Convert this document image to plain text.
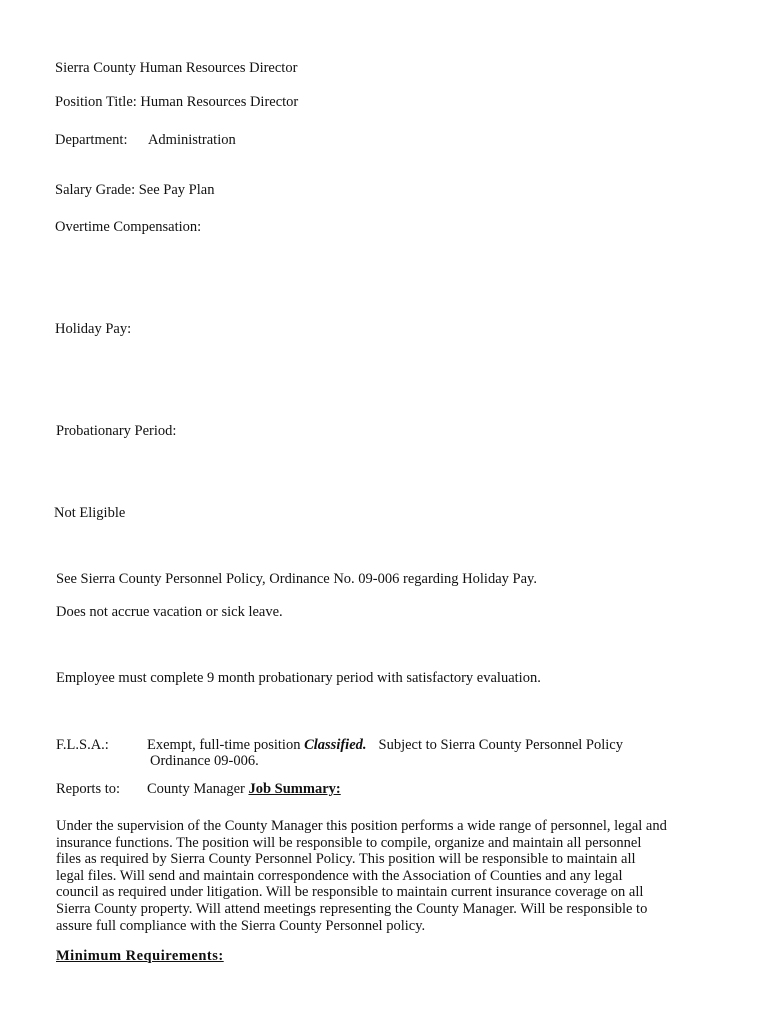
Sierra County Human Resources Director
Position Title: Human Resources Director
Department: Administration
Salary Grade: See Pay Plan
Overtime Compensation:
Holiday Pay:
Probationary Period:
Not Eligible
See Sierra County Personnel Policy, Ordinance No. 09-006 regarding Holiday Pay.
Does not accrue vacation or sick leave.
Employee must complete 9 month probationary period with satisfactory evaluation.
F.L.S.A.:	Exempt, full-time position Classified. Subject to Sierra County Personnel Policy
Ordinance 09-006.
Reports to: County Manager Job Summary:
Under the supervision of the County Manager this position performs a wide range of personnel, legal and
insurance functions. The position will be responsible to compile, organize and maintain all personnel
files as required by Sierra County Personnel Policy. This position will be responsible to maintain all
legal files. Will send and maintain correspondence with the Association of Counties and any legal
council as required under litigation. Will be responsible to maintain current insurance coverage on all
Sierra County property. Will attend meetings representing the County Manager. Will be responsible to
assure full compliance with the Sierra County Personnel policy.
Minimum Requirements:
